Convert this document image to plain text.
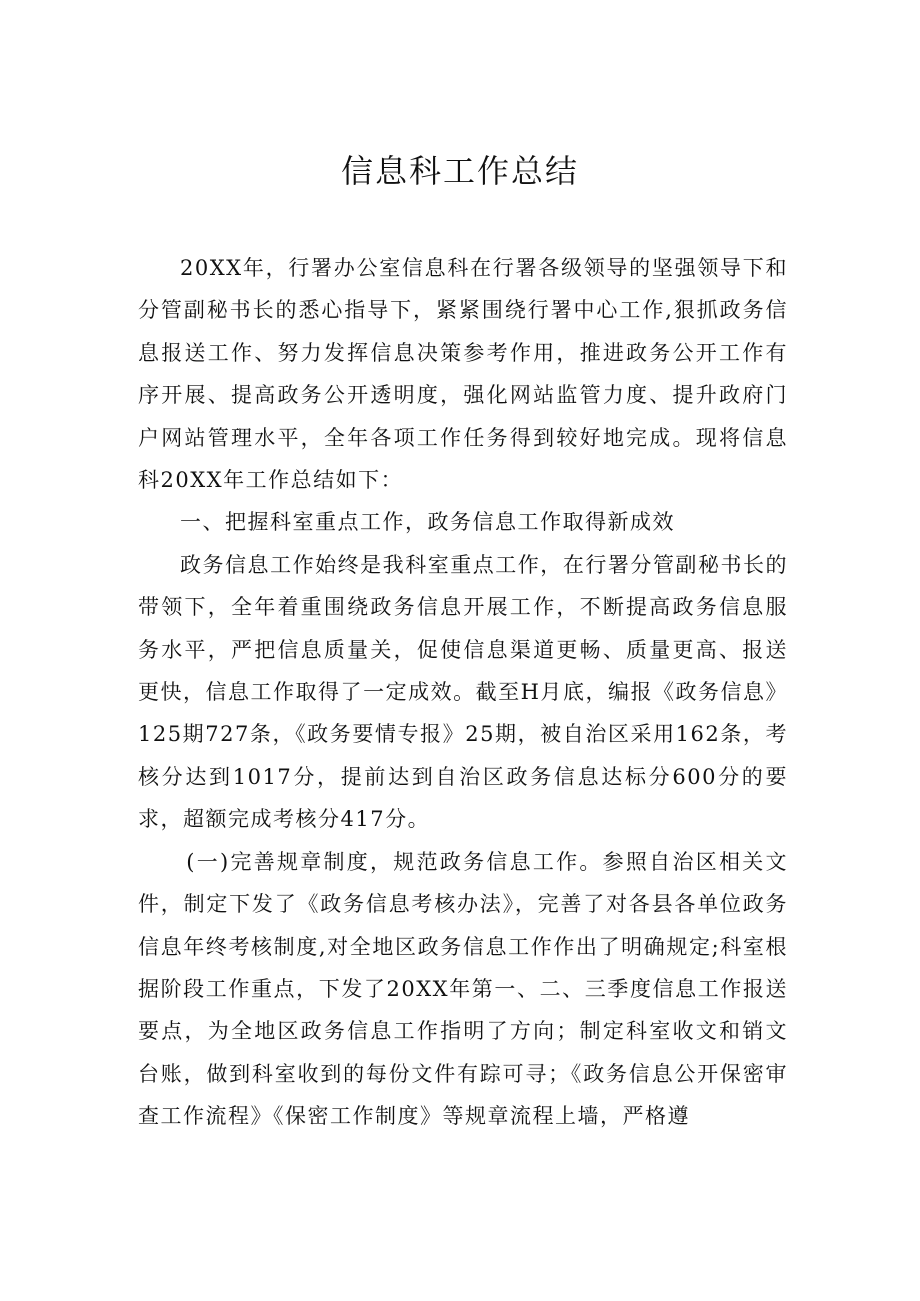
信息科工作总结

20XX年，行署办公室信息科在行署各级领导的坚强领导下和分管副秘书长的悉心指导下，紧紧围绕行署中心工作,狠抓政务信息报送工作、努力发挥信息决策参考作用，推进政务公开工作有序开展、提高政务公开透明度，强化网站监管力度、提升政府门户网站管理水平，全年各项工作任务得到较好地完成。现将信息科20XX年工作总结如下：

一、把握科室重点工作，政务信息工作取得新成效

政务信息工作始终是我科室重点工作，在行署分管副秘书长的带领下，全年着重围绕政务信息开展工作，不断提高政务信息服务水平，严把信息质量关，促使信息渠道更畅、质量更高、报送更快，信息工作取得了一定成效。截至H月底，编报《政务信息》125期727条，《政务要情专报》25期，被自治区采用162条，考核分达到1017分，提前达到自治区政务信息达标分600分的要求，超额完成考核分417分。

(一)完善规章制度，规范政务信息工作。参照自治区相关文件，制定下发了《政务信息考核办法》，完善了对各县各单位政务信息年终考核制度,对全地区政务信息工作作出了明确规定;科室根据阶段工作重点，下发了20XX年第一、二、三季度信息工作报送要点，为全地区政务信息工作指明了方向；制定科室收文和销文台账，做到科室收到的每份文件有踪可寻；《政务信息公开保密审查工作流程》《保密工作制度》等规章流程上墙，严格遵
